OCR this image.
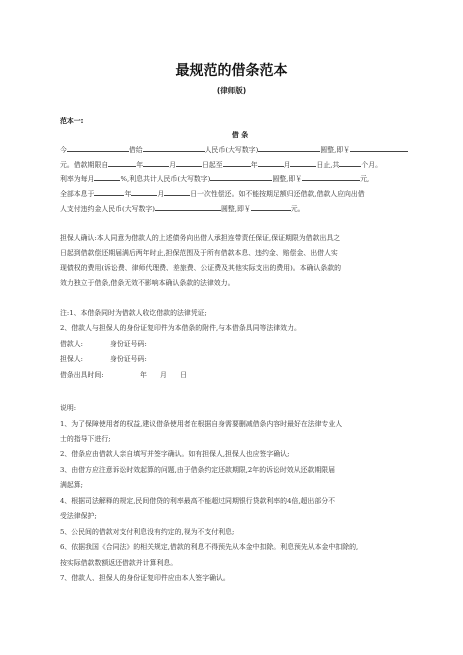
最规范的借条范本
(律师版)
范本一:
借 条
今	借给	人民币(大写数字)	圆整,即￥
元。借款期限自	年	月	日起至	年	月	日止,共	个月。
利率为每月	%,利息共计人民币(大写数字)	圆整,即￥	元,
全部本息于	年	月	日一次性偿还。如不能按期足额归还借款,借款人应向出借
人支付违约金人民币(大写数字)	圆整,即￥	元。
担保人确认:本人同意为借款人的上述债务向出借人承担连带责任保证,保证期限为借款出具之
日起到借款偿还期届满后两年时止,担保范围及于所有借款本息、违约金、赔偿金、出借人实
现债权的费用(诉讼费、律师代理费、差旅费、公证费及其他实际支出的费用)。本确认条款的
效力独立于借条,借条无效不影响本确认条款的法律效力。
注:1、本借条同时为借款人收讫借款的法律凭证;
2、借款人与担保人的身份证复印件为本借条的附件,与本借条具同等法律效力。
借款人:	身份证号码:
担保人:	身份证号码:
借条出具时间:	年      月      日
说明:
1、为了保障使用者的权益,建议借条使用者在根据自身需要删减借条内容时最好在法律专业人
士的指导下进行;
2、借条应由借款人亲自填写并签字确认。如有担保人,担保人也应签字确认;
3、由借方应注意诉讼时效起算的问题,由于借条约定还款期限,2年的诉讼时效从还款期限届
满起算;
4、根据司法解释的规定,民间借贷的利率最高不能超过同期银行贷款利率的4倍,超出部分不
受法律保护;
5、公民间的借款对支付利息没有约定的,视为不支付利息;
6、依据我国《合同法》的相关规定,借款的利息不得预先从本金中扣除。利息预先从本金中扣除的,
按实际借款数额返还借款并计算利息。
7、借款人、担保人的身份证复印件应由本人签字确认。
